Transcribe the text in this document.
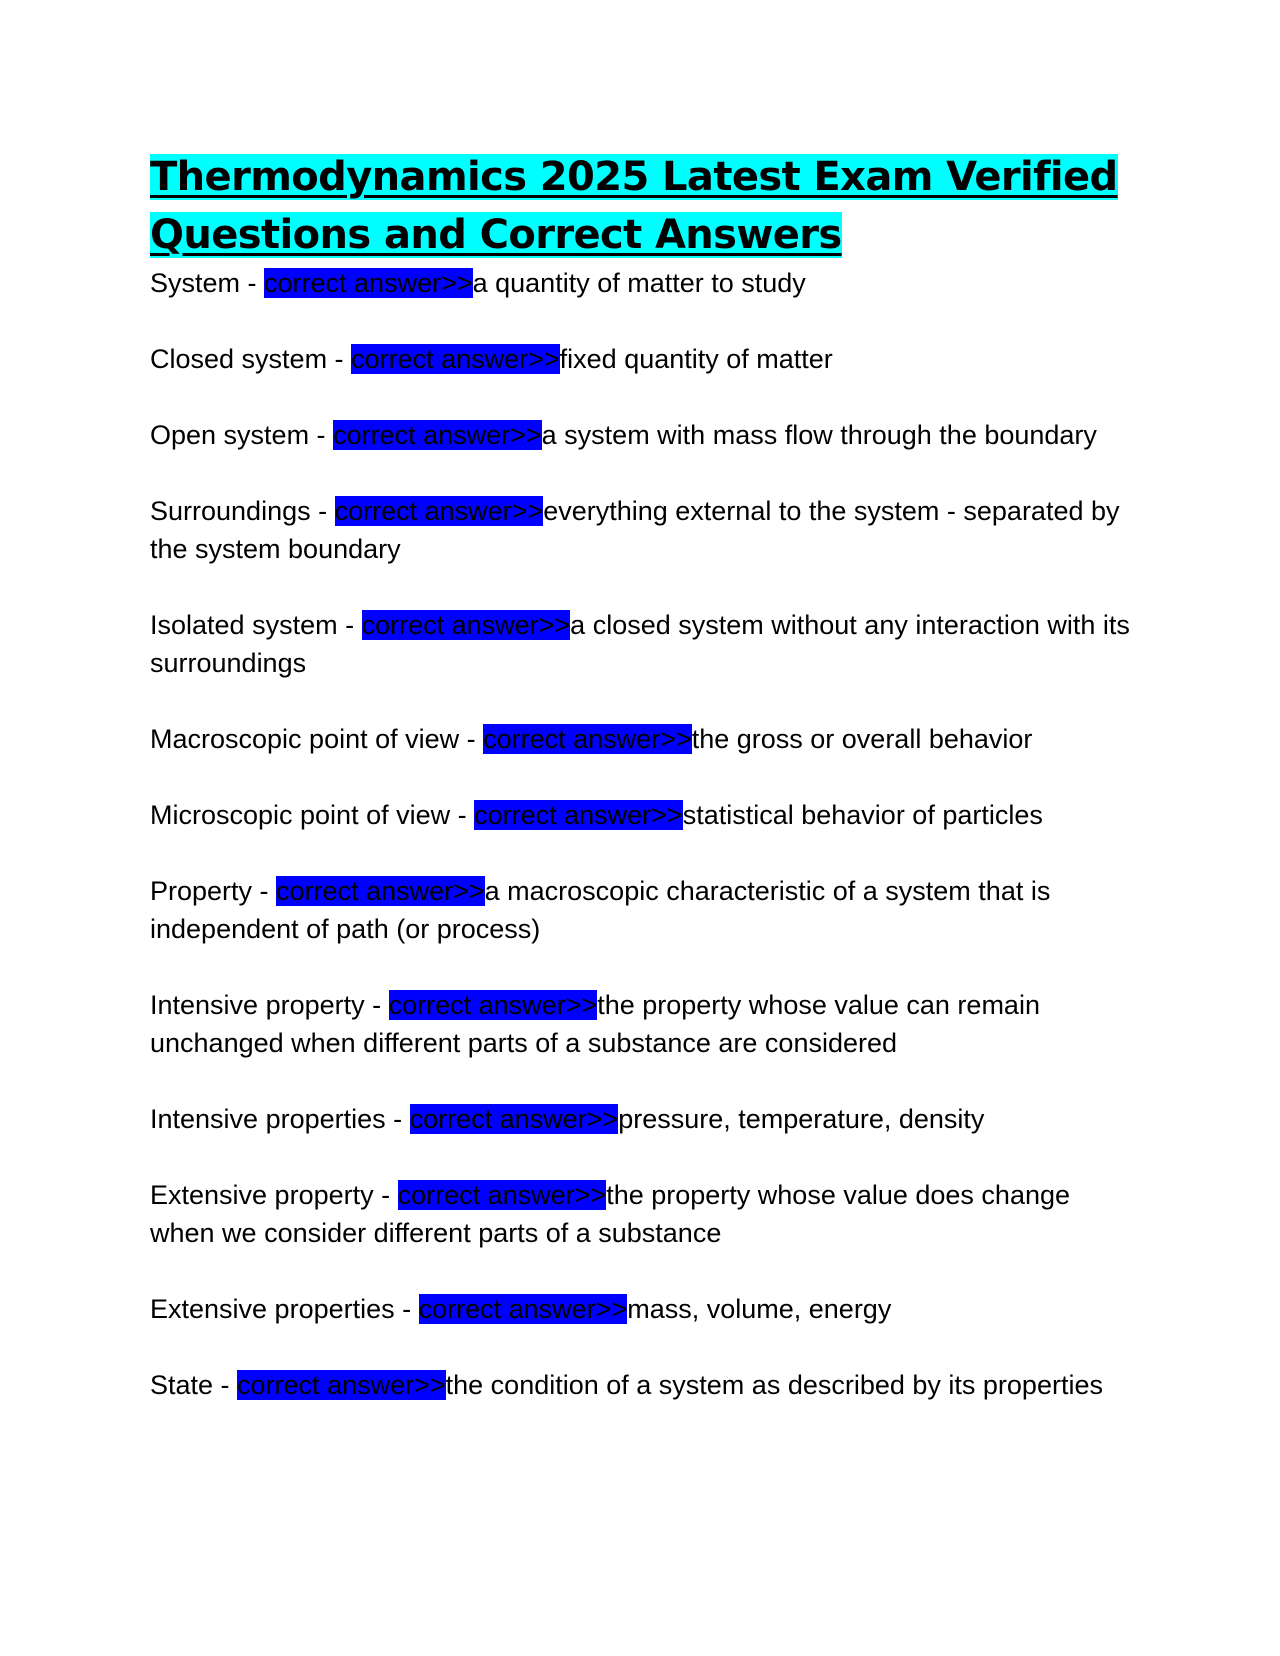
Thermodynamics 2025 Latest Exam Verified
Questions and Correct Answers
System - correct answer>>a quantity of matter to study
Closed system - correct answer>>fixed quantity of matter
Open system - correct answer>>a system with mass flow through the boundary
Surroundings - correct answer>>everything external to the system - separated by the system boundary
Isolated system - correct answer>>a closed system without any interaction with its surroundings
Macroscopic point of view - correct answer>>the gross or overall behavior
Microscopic point of view - correct answer>>statistical behavior of particles
Property - correct answer>>a macroscopic characteristic of a system that is independent of path (or process)
Intensive property - correct answer>>the property whose value can remain unchanged when different parts of a substance are considered
Intensive properties - correct answer>>pressure, temperature, density
Extensive property - correct answer>>the property whose value does change when we consider different parts of a substance
Extensive properties - correct answer>>mass, volume, energy
State - correct answer>>the condition of a system as described by its properties
